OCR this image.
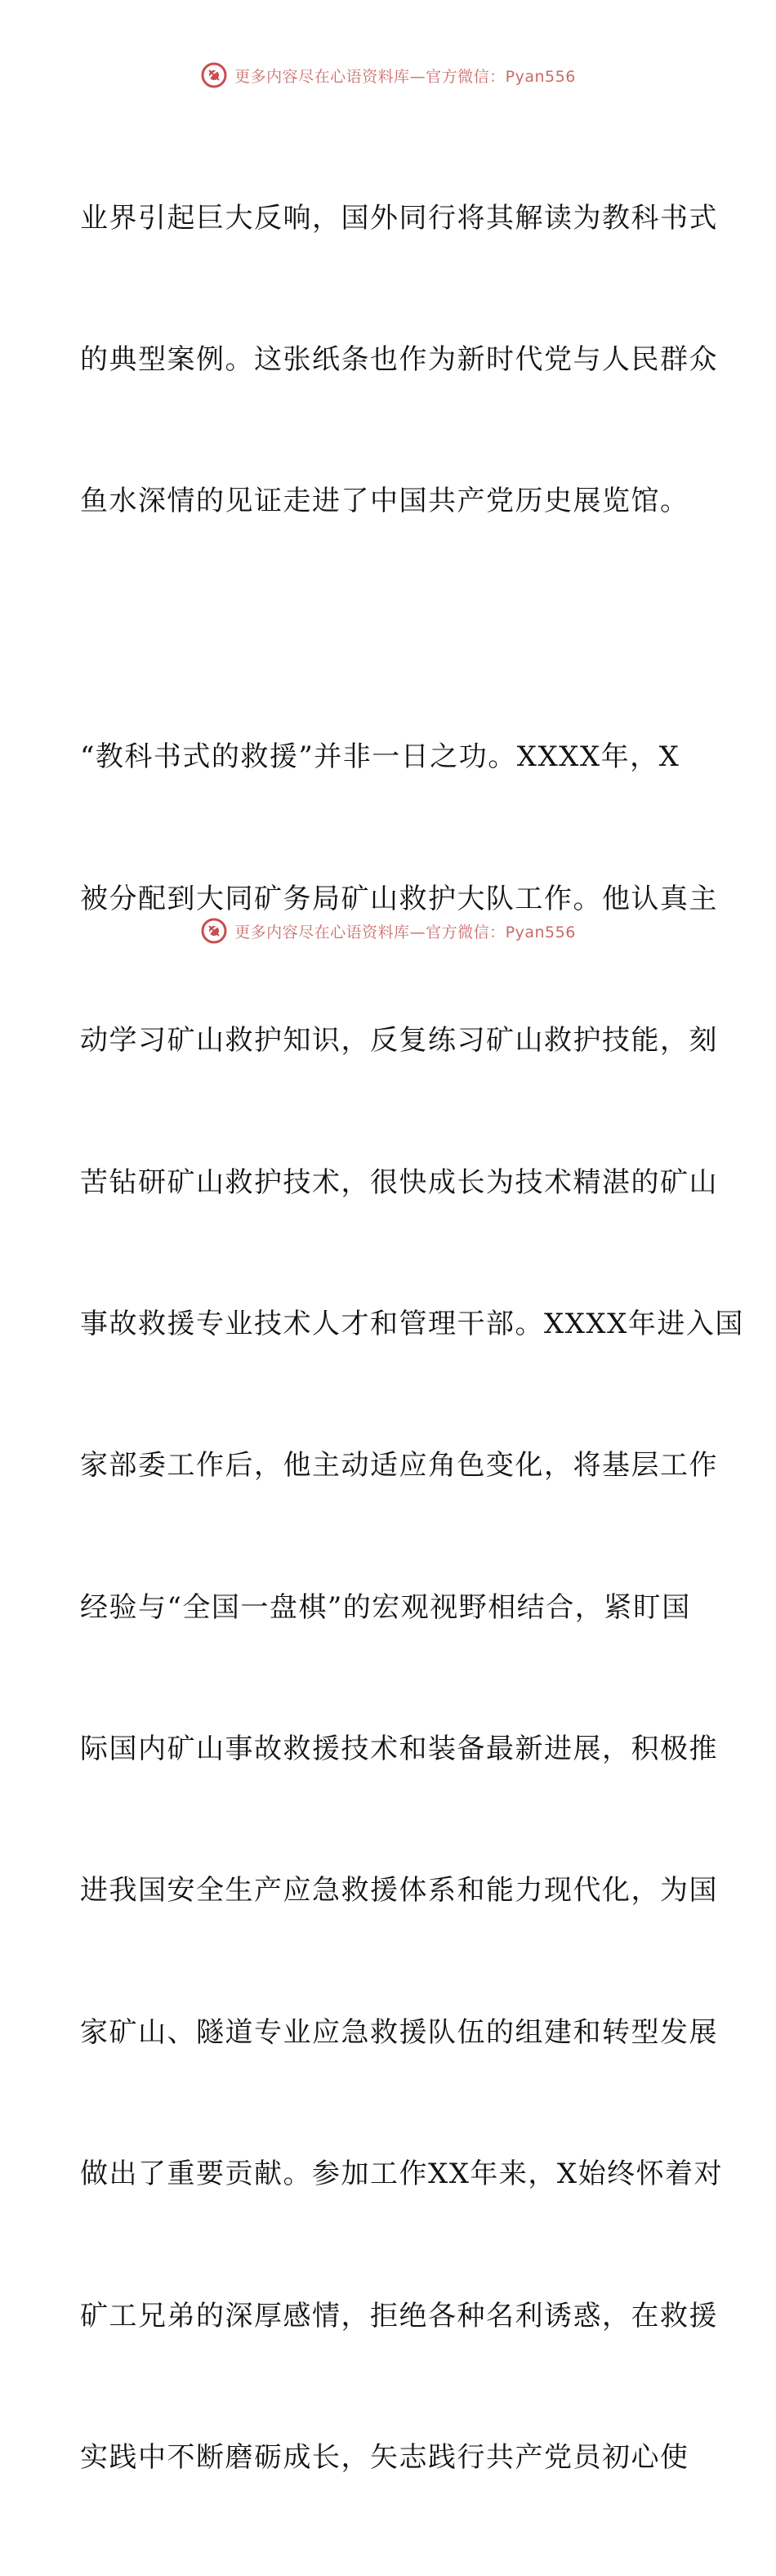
更多内容尽在心语资料库—官方微信：Pyan556

业界引起巨大反响，国外同行将其解读为教科书式

的典型案例。这张纸条也作为新时代党与人民群众

鱼水深情的见证走进了中国共产党历史展览馆。

“教科书式的救援”并非一日之功。XXXX年，X

被分配到大同矿务局矿山救护大队工作。他认真主

动学习矿山救护知识，反复练习矿山救护技能，刻

苦钻研矿山救护技术，很快成长为技术精湛的矿山

事故救援专业技术人才和管理干部。XXXX年进入国

家部委工作后，他主动适应角色变化，将基层工作

经验与“全国一盘棋”的宏观视野相结合，紧盯国

际国内矿山事故救援技术和装备最新进展，积极推

进我国安全生产应急救援体系和能力现代化，为国

家矿山、隧道专业应急救援队伍的组建和转型发展

做出了重要贡献。参加工作XX年来，X始终怀着对

矿工兄弟的深厚感情，拒绝各种名利诱惑，在救援

实践中不断磨砺成长，矢志践行共产党员初心使

更多内容尽在心语资料库—官方微信：Pyan556
